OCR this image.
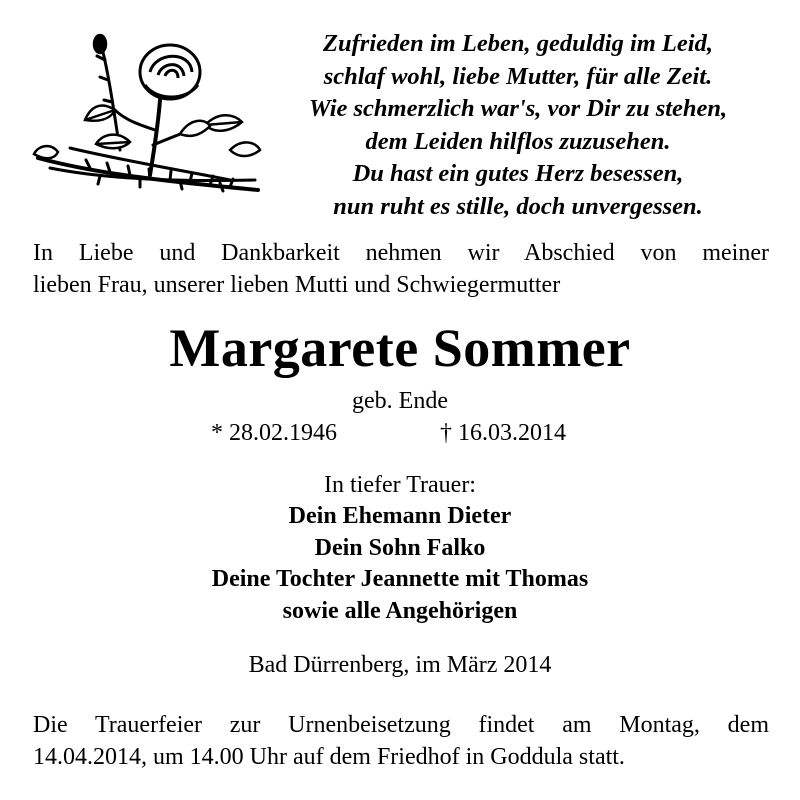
Zufrieden im Leben, geduldig im Leid,
schlaf wohl, liebe Mutter, für alle Zeit.
Wie schmerzlich war's, vor Dir zu stehen,
dem Leiden hilflos zuzusehen.
Du hast ein gutes Herz besessen,
nun ruht es stille, doch unvergessen.
In Liebe und Dankbarkeit nehmen wir Abschied von meiner
lieben Frau, unserer lieben Mutti und Schwiegermutter
Margarete Sommer
geb. Ende
* 28.02.1946	† 16.03.2014
In tiefer Trauer:
Dein Ehemann Dieter
Dein Sohn Falko
Deine Tochter Jeannette mit Thomas
sowie alle Angehörigen
Bad Dürrenberg, im März 2014
Die Trauerfeier zur Urnenbeisetzung findet am Montag, dem
14.04.2014, um 14.00 Uhr auf dem Friedhof in Goddula statt.
